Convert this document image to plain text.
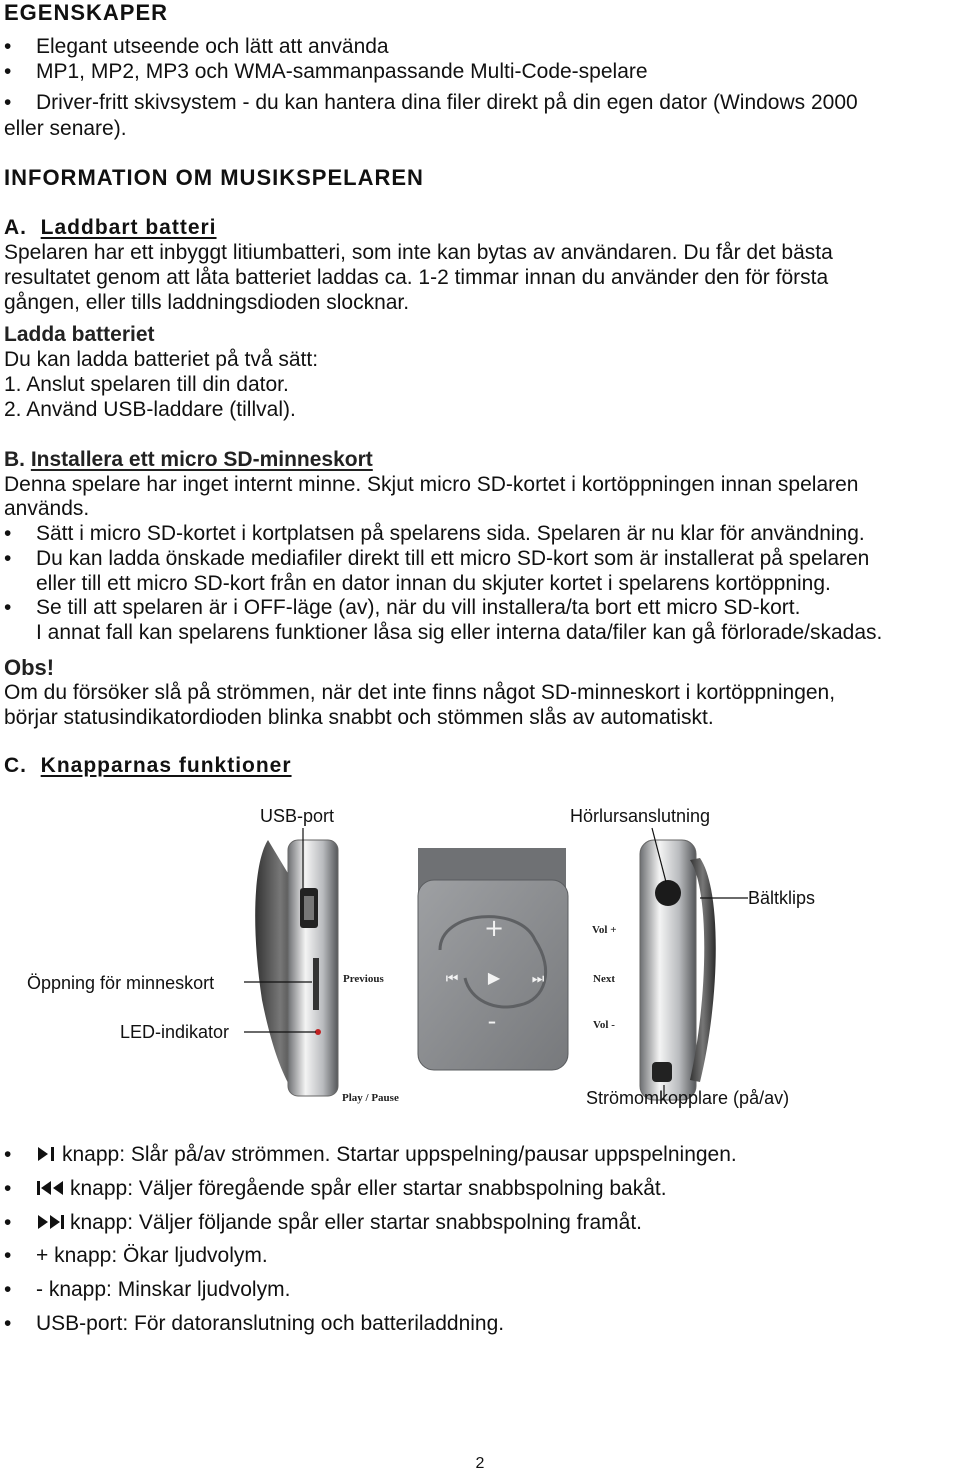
EGENSKAPER
• Elegant utseende och lätt att använda
• MP1, MP2, MP3 och WMA-sammanpassande Multi-Code-spelare
• Driver-fritt skivsystem - du kan hantera dina filer direkt på din egen dator (Windows 2000
eller senare).
INFORMATION OM MUSIKSPELAREN
A. Laddbart batteri
Spelaren har ett inbyggt litiumbatteri, som inte kan bytas av användaren. Du får det bästa
resultatet genom att låta batteriet laddas ca. 1-2 timmar innan du använder den för första
gången, eller tills laddningsdioden slocknar.
Ladda batteriet
Du kan ladda batteriet på två sätt:
1. Anslut spelaren till din dator.
2. Använd USB-laddare (tillval).
B. Installera ett micro SD-minneskort
Denna spelare har inget internt minne. Skjut micro SD-kortet i kortöppningen innan spelaren
används.
• Sätt i micro SD-kortet i kortplatsen på spelarens sida. Spelaren är nu klar för användning.
• Du kan ladda önskade mediafiler direkt till ett micro SD-kort som är installerat på spelaren
eller till ett micro SD-kort från en dator innan du skjuter kortet i spelarens kortöppning.
• Se till att spelaren är i OFF-läge (av), när du vill installera/ta bort ett micro SD-kort.
I annat fall kan spelarens funktioner låsa sig eller interna data/filer kan gå förlorade/skadas.
Obs!
Om du försöker slå på strömmen, när det inte finns något SD-minneskort i kortöppningen,
börjar statusindikatordioden blinka snabbt och stömmen slås av automatiskt.
C. Knapparnas funktioner
+
-
▶
⏮	⏭
Vol +
Previous	Next
Vol -
Play / Pause
USB-port	Hörlursanslutning
Bältklips
Öppning för minneskort
LED-indikator
Strömomkopplare (på/av)
•	knapp: Slår på/av strömmen. Startar uppspelning/pausar uppspelningen.
•	knapp: Väljer föregående spår eller startar snabbspolning bakåt.
•	knapp: Väljer följande spår eller startar snabbspolning framåt.
• + knapp: Ökar ljudvolym.
• - knapp: Minskar ljudvolym.
• USB-port: För datoranslutning och batteriladdning.
2
